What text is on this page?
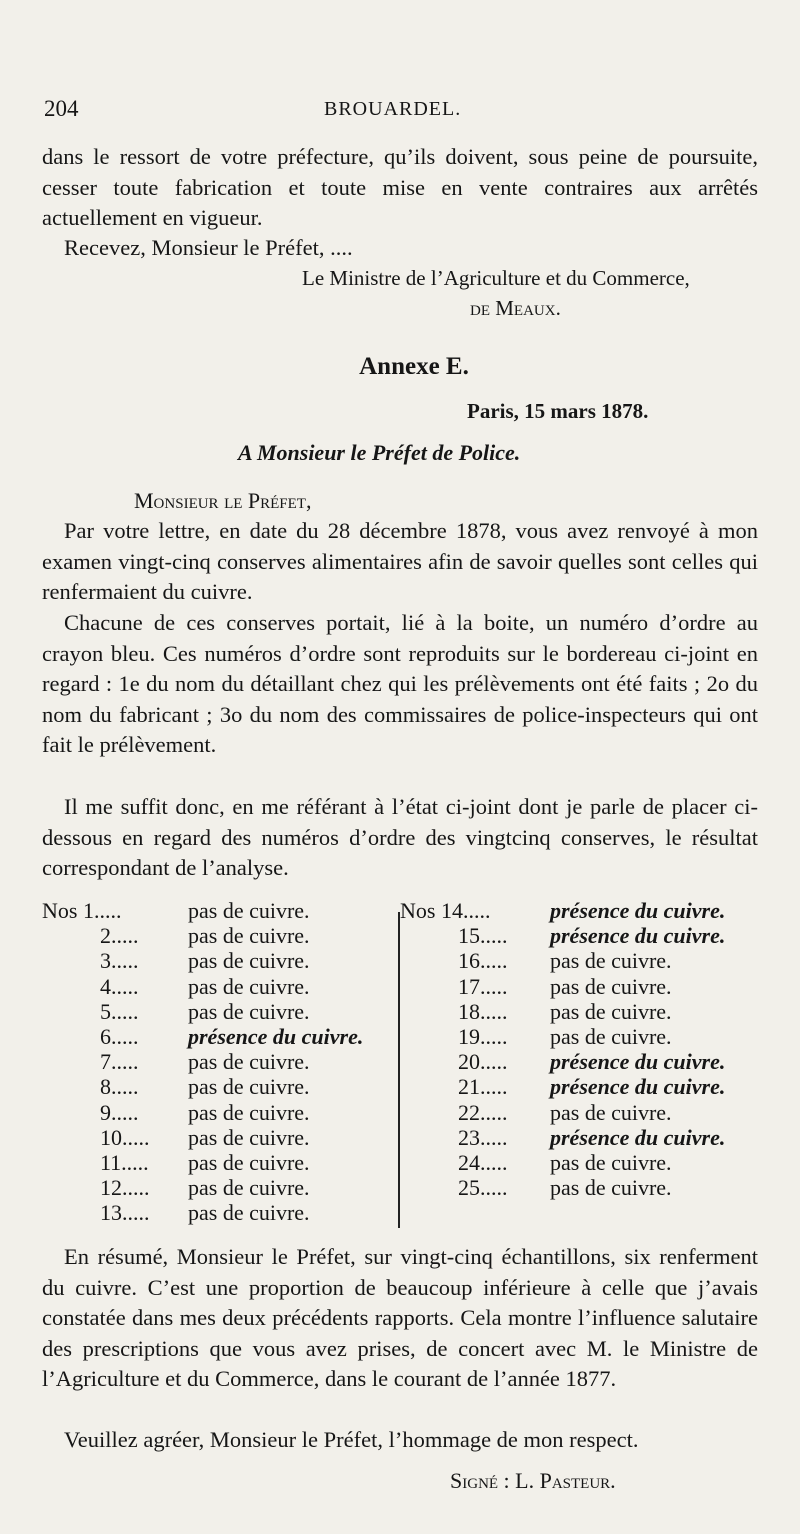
204	BROUARDEL.

dans le ressort de votre préfecture, qu’ils doivent, sous peine de poursuite, cesser toute fabrication et toute mise en vente contraires aux arrêtés actuellement en vigueur.

Recevez, Monsieur le Préfet, ....

Le Ministre de l’Agriculture et du Commerce,
de Meaux.
Annexe E.
Paris, 15 mars 1878.
A Monsieur le Préfet de Police.
Monsieur le Préfet,

Par votre lettre, en date du 28 décembre 1878, vous avez renvoyé à mon examen vingt-cinq conserves alimentaires afin de savoir quelles sont celles qui renfermaient du cuivre.

Chacune de ces conserves portait, lié à la boite, un numéro d’ordre au crayon bleu. Ces numéros d’ordre sont reproduits sur le bordereau ci-joint en regard : 1e du nom du détaillant chez qui les prélèvements ont été faits ; 2o du nom du fabricant ; 3o du nom des commissaires de police-inspecteurs qui ont fait le prélèvement.

Il me suffit donc, en me référant à l’état ci-joint dont je parle de placer ci-dessous en regard des numéros d’ordre des vingtcinq conserves, le résultat correspondant de l’analyse.

Nos 1.....	pas de cuivre.
2.....	pas de cuivre.
3.....	pas de cuivre.
4.....	pas de cuivre.
5.....	pas de cuivre.
6.....	présence du cuivre.
7.....	pas de cuivre.
8.....	pas de cuivre.
9.....	pas de cuivre.
10.....	pas de cuivre.
11.....	pas de cuivre.
12.....	pas de cuivre.
13.....	pas de cuivre.
Nos 14.....	présence du cuivre.
15.....	présence du cuivre.
16.....	pas de cuivre.
17.....	pas de cuivre.
18.....	pas de cuivre.
19.....	pas de cuivre.
20.....	présence du cuivre.
21.....	présence du cuivre.
22.....	pas de cuivre.
23.....	présence du cuivre.
24.....	pas de cuivre.
25.....	pas de cuivre.

En résumé, Monsieur le Préfet, sur vingt-cinq échantillons, six renferment du cuivre. C’est une proportion de beaucoup inférieure à celle que j’avais constatée dans mes deux précédents rapports. Cela montre l’influence salutaire des prescriptions que vous avez prises, de concert avec M. le Ministre de l’Agriculture et du Commerce, dans le courant de l’année 1877.

Veuillez agréer, Monsieur le Préfet, l’hommage de mon respect.

Signé : L. Pasteur.
